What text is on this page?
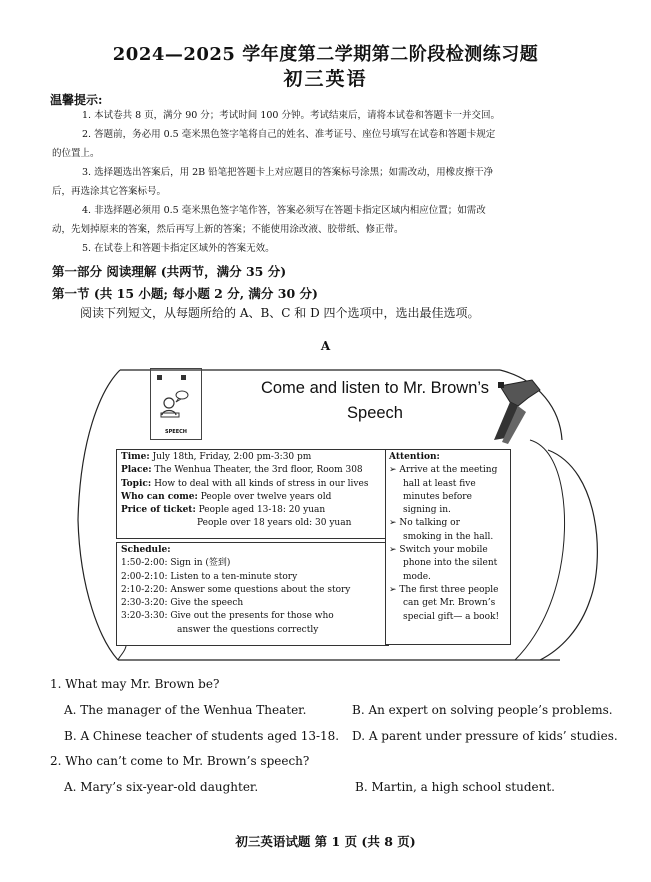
2024—2025 学年度第二学期第二阶段检测练习题
初三英语
温馨提示:
1. 本试卷共 8 页，满分 90 分；考试时间 100 分钟。考试结束后，请将本试卷和答题卡一并交回。
2. 答题前，务必用 0.5 毫米黑色签字笔将自己的姓名、准考证号、座位号填写在试卷和答题卡规定
的位置上。
3. 选择题选出答案后，用 2B 铅笔把答题卡上对应题目的答案标号涂黑；如需改动，用橡皮擦干净
后，再选涂其它答案标号。
4. 非选择题必须用 0.5 毫米黑色签字笔作答，答案必须写在答题卡指定区域内相应位置；如需改
动，先划掉原来的答案，然后再写上新的答案；不能使用涂改液、胶带纸、修正带。
5. 在试卷上和答题卡指定区域外的答案无效。
第一部分 阅读理解 (共两节，满分 35 分)
第一节 (共 15 小题; 每小题 2 分, 满分 30 分)
阅读下列短文，从每题所给的 A、B、C 和 D 四个选项中，选出最佳选项。
A
SPEECH
Come and listen to Mr. Brown’s
Speech
Time: July 18th, Friday, 2:00 pm-3:30 pm
Place: The Wenhua Theater, the 3rd floor, Room 308
Topic: How to deal with all kinds of stress in our lives
Who can come: People over twelve years old
Price of ticket: People aged 13-18: 20 yuan
People over 18 years old: 30 yuan
Schedule:
1:50-2:00: Sign in (签到)
2:00-2:10: Listen to a ten-minute story
2:10-2:20: Answer some questions about the story
2:30-3:20: Give the speech
3:20-3:30: Give out the presents for those who
answer the questions correctly
Attention:
➢ Arrive at the meeting
hall at least five
minutes before
signing in.
➢ No talking or
smoking in the hall.
➢ Switch your mobile
phone into the silent
mode.
➢ The first three people
can get Mr. Brown’s
special gift— a book!
1. What may Mr. Brown be?
A. The manager of the Wenhua Theater.	B. An expert on solving people’s problems.
B. A Chinese teacher of students aged 13-18. D. A parent under pressure of kids’ studies.
2. Who can’t come to Mr. Brown’s speech?
A. Mary’s six-year-old daughter.	B. Martin, a high school student.
初三英语试题 第 1 页 (共 8 页)
